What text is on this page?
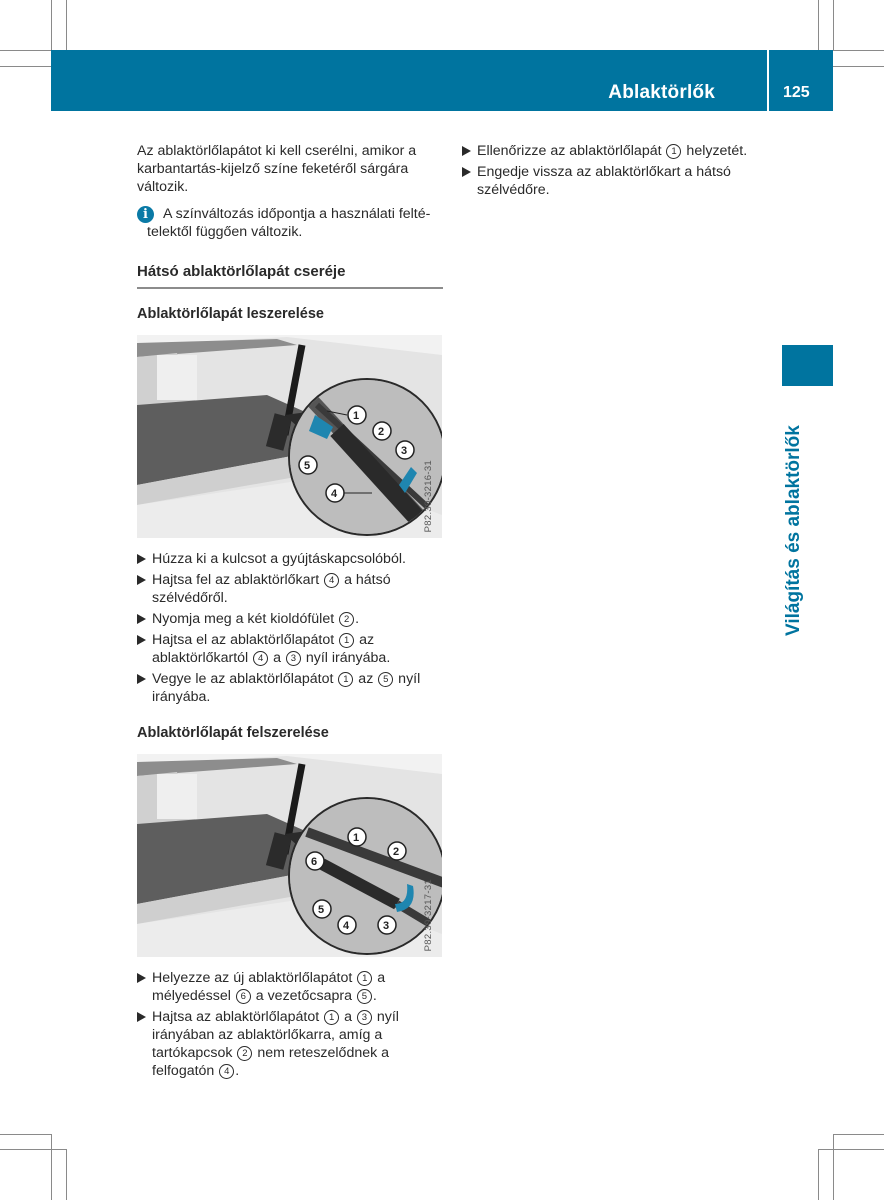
Ablaktörlők	125
Világítás és ablaktörlők

Az ablaktörlőlapátot ki kell cserélni, amikor a karbantartás-kijelző színe feketéről sárgára változik.

i	A színváltozás időpontja a használati felté-
telektől függően változik.
Hátsó ablaktörlőlapát cseréje
Ablaktörlőlapát leszerelése
1
2
3
4
5	P82.30-3216-31
Húzza ki a kulcsot a gyújtáskapcsolóból.
Hajtsa fel az ablaktörlőkart 4 a hátsó szélvédőről.
Nyomja meg a két kioldófület 2 .
Hajtsa el az ablaktörlőlapátot 1 az ablaktörlőkartól 4 a 3 nyíl irányába.
Vegye le az ablaktörlőlapátot 1 az 5 nyíl irányába.
Ablaktörlőlapát felszerelése
1
2
6
5
4	3	P82.30-3217-31
Helyezze az új ablaktörlőlapátot 1 a mélyedéssel 6 a vezetőcsapra 5 .
Hajtsa az ablaktörlőlapátot 1 a 3 nyíl irányában az ablaktörlőkarra, amíg a tartókapcsok 2 nem reteszelődnek a felfogatón 4 .
Ellenőrizze az ablaktörlőlapát 1 helyzetét.
Engedje vissza az ablaktörlőkart a hátsó szélvédőre.
